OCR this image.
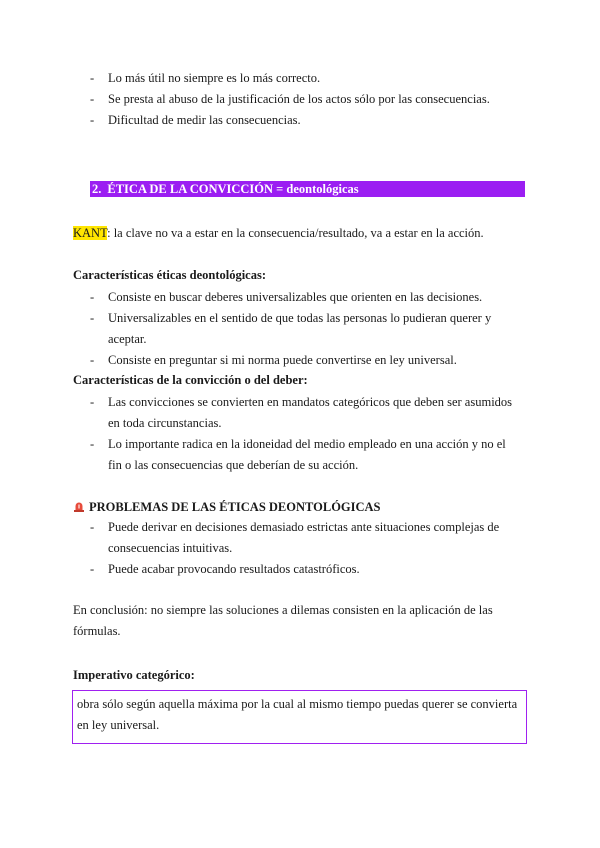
- Lo más útil no siempre es lo más correcto.
- Se presta al abuso de la justificación de los actos sólo por las consecuencias.
- Dificultad de medir las consecuencias.
2. ÉTICA DE LA CONVICCIÓN = deontológicas
KANT: la clave no va a estar en la consecuencia/resultado, va a estar en la acción.
Características éticas deontológicas:
- Consiste en buscar deberes universalizables que orienten en las decisiones.
- Universalizables en el sentido de que todas las personas lo pudieran querer y aceptar.
- Consiste en preguntar si mi norma puede convertirse en ley universal.
Características de la convicción o del deber:
- Las convicciones se convierten en mandatos categóricos que deben ser asumidos en toda circunstancias.
- Lo importante radica en la idoneidad del medio empleado en una acción y no el fin o las consecuencias que deberían de su acción.
PROBLEMAS DE LAS ÉTICAS DEONTOLÓGICAS
- Puede derivar en decisiones demasiado estrictas ante situaciones complejas de consecuencias intuitivas.
- Puede acabar provocando resultados catastróficos.
En conclusión: no siempre las soluciones a dilemas consisten en la aplicación de las fórmulas.
Imperativo categórico:
obra sólo según aquella máxima por la cual al mismo tiempo puedas querer se convierta en ley universal.
